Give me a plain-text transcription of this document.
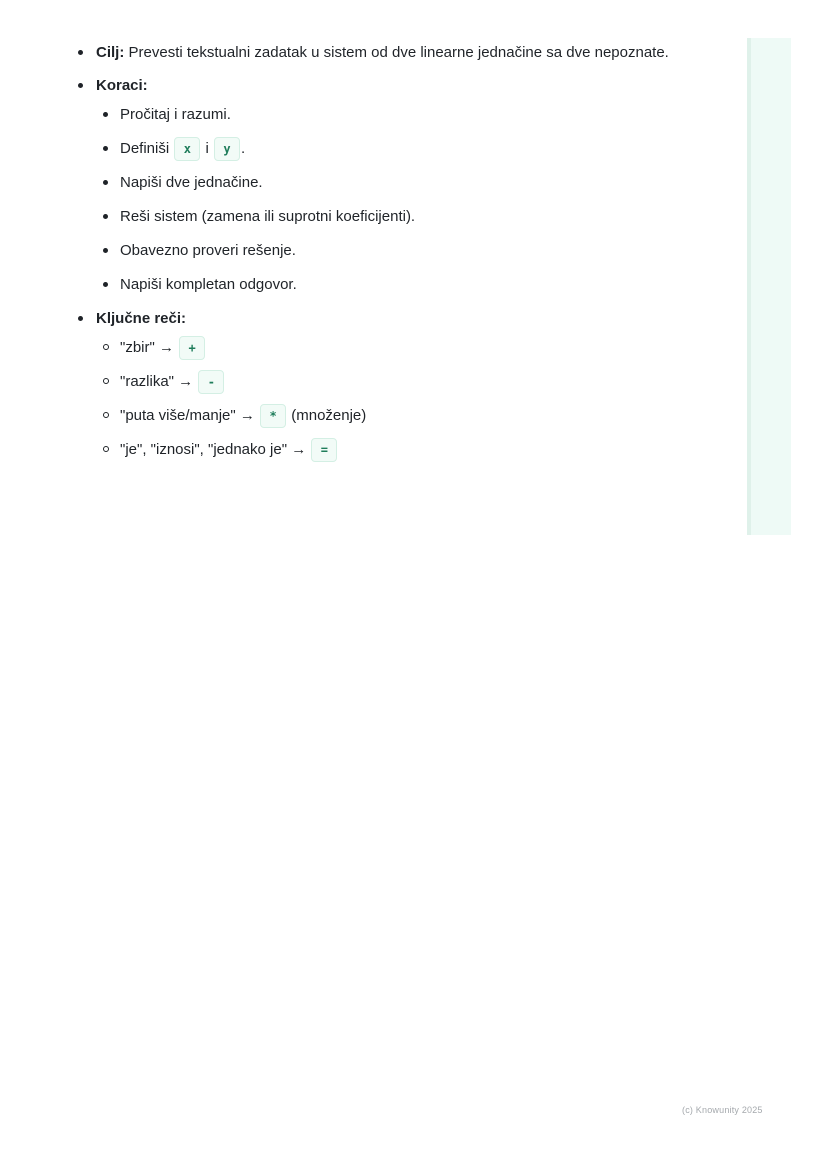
Cilj: Prevesti tekstualni zadatak u sistem od dve linearne jednačine sa dve nepoznate.
Koraci:
Pročitaj i razumi.
Definiši x i y .
Napiši dve jednačine.
Reši sistem (zamena ili suprotni koeficijenti).
Obavezno proveri rešenje.
Napiši kompletan odgovor.
Ključne reči:
"zbir" → +
"razlika" → -
"puta više/manje" → * (množenje)
"je", "iznosi", "jednako je" → =
(c) Knowunity 2025
